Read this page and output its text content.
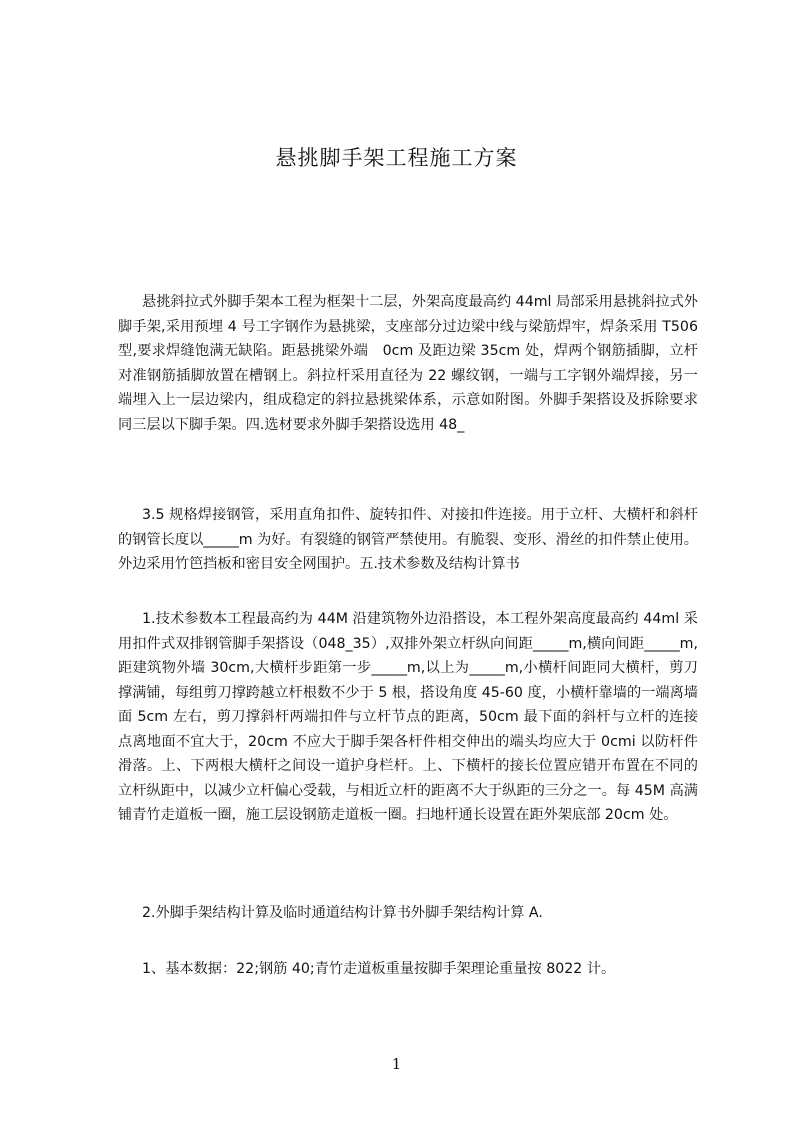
悬挑脚手架工程施工方案
悬挑斜拉式外脚手架本工程为框架十二层，外架高度最高约 44ml 局部采用悬挑斜拉式外脚手架,采用预埋 4 号工字钢作为悬挑梁，支座部分过边梁中线与梁筋焊牢，焊条采用 T506 型,要求焊缝饱满无缺陷。距悬挑梁外端　0cm 及距边梁 35cm 处，焊两个钢筋插脚，立杆对准钢筋插脚放置在槽钢上。斜拉杆采用直径为 22 螺纹钢，一端与工字钢外端焊接，另一端埋入上一层边梁内，组成稳定的斜拉悬挑梁体系，示意如附图。外脚手架搭设及拆除要求同三层以下脚手架。四.选材要求外脚手架搭设选用 48_
3.5 规格焊接钢管，采用直角扣件、旋转扣件、对接扣件连接。用于立杆、大横杆和斜杆的钢管长度以_____m 为好。有裂缝的钢管严禁使用。有脆裂、变形、滑丝的扣件禁止使用。外边采用竹笆挡板和密目安全网围护。五.技术参数及结构计算书
1.技术参数本工程最高约为 44M 沿建筑物外边沿搭设，本工程外架高度最高约 44ml 采用扣件式双排钢管脚手架搭设（048_35）,双排外架立杆纵向间距_____m,横向间距_____m,距建筑物外墙 30cm,大横杆步距第一步_____m,以上为_____m,小横杆间距同大横杆，剪刀撑满铺，每组剪刀撑跨越立杆根数不少于 5 根，搭设角度 45-60 度，小横杆靠墙的一端离墙面 5cm 左右，剪刀撑斜杆两端扣件与立杆节点的距离，50cm 最下面的斜杆与立杆的连接点离地面不宜大于，20cm 不应大于脚手架各杆件相交伸出的端头均应大于 0cmi 以防杆件滑落。上、下两根大横杆之间设一道护身栏杆。上、下横杆的接长位置应错开布置在不同的立杆纵距中，以减少立杆偏心受载，与相近立杆的距离不大于纵距的三分之一。每 45M 高满铺青竹走道板一圈，施工层设钢筋走道板一圈。扫地杆通长设置在距外架底部 20cm 处。
2.外脚手架结构计算及临时通道结构计算书外脚手架结构计算 A.
1、基本数据：22;钢筋 40;青竹走道板重量按脚手架理论重量按 8022 计。
1
